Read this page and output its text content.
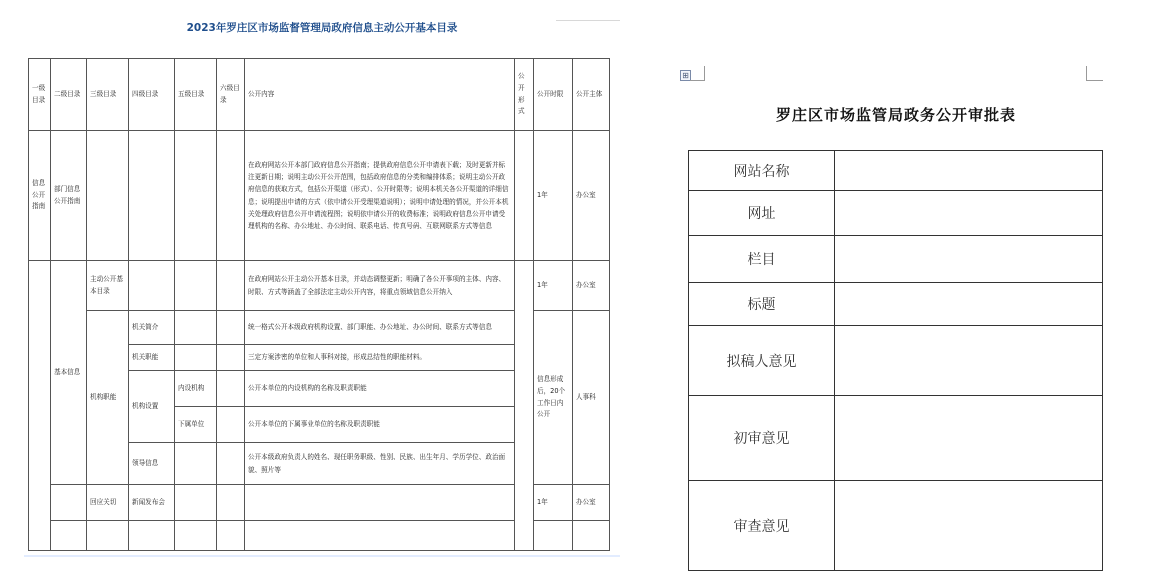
2023年罗庄区市场监督管理局政府信息主动公开基本目录
一级目录	二级目录	三级目录	四级目录	五级目录	六级目录	公开内容	公开形式	公开时限	公开主体
信息公开指南	部门信息公开指南					在政府网站公开本部门政府信息公开指南；提供政府信息公开申请表下载；及时更新并标注更新日期；说明主动公开公开范围，包括政府信息的分类和编排体系；说明主动公开政府信息的获取方式，包括公开渠道（形式）、公开时限等；说明本机关各公开渠道的详细信息；说明提出申请的方式（依申请公开受理渠道说明）；说明申请处理的情况，并公开本机关处理政府信息公开申请流程图；说明依申请公开的收费标准；说明政府信息公开申请受理机构的名称、办公地址、办公时间、联系电话、传真号码、互联网联系方式等信息		1年	办公室
	基本信息	主动公开基本目录				在政府网站公开主动公开基本目录，并动态调整更新；明确了各公开事项的主体、内容、时限、方式等涵盖了全部法定主动公开内容，将重点领域信息公开纳入		1年	办公室
		机构职能	机关简介			统一格式公开本级政府机构设置、部门职能、办公地址、办公时间、联系方式等信息		信息形成后，20个工作日内公开	人事科
			机关职能			三定方案涉密的单位和人事科对接，形成总结性的职能材料。			
			机构设置	内设机构		公开本单位的内设机构的名称及职责职能			
				下属单位		公开本单位的下属事业单位的名称及职责职能			
			领导信息			公开本级政府负责人的姓名、现任职务职级、性别、民族、出生年月、学历学位、政治面貌、照片等			
		回应关切	新闻发布会					1年	办公室

⊞
罗庄区市场监管局政务公开审批表
网站名称	
网址	
栏目	
标题	
拟稿人意见	
初审意见	
审查意见	
